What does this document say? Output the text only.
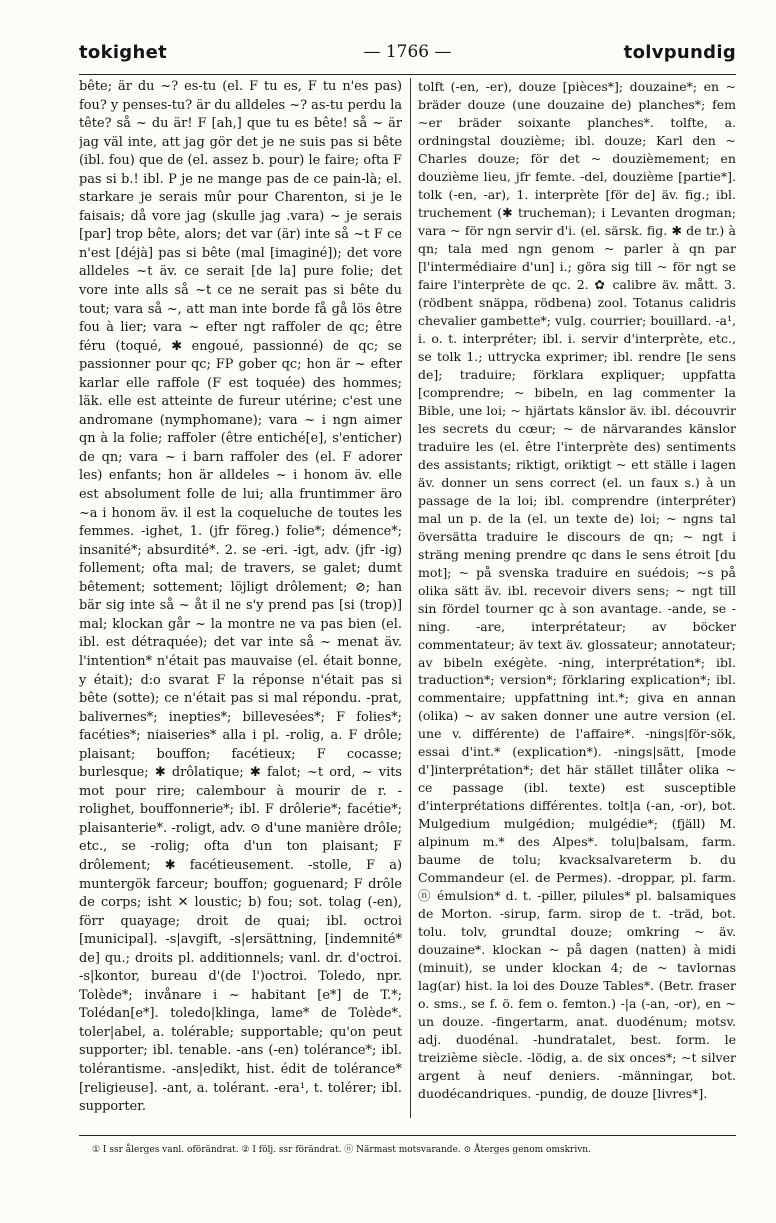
tokighet	— 1766 —	tolvpundig

bête; är du ~? es-tu (el. F tu es, F tu n'es pas) fou? y penses-tu? är du alldeles ~? as-tu perdu la tête? så ~ du är! F [ah,] que tu es bête! så ~ är jag väl inte, att jag gör det je ne suis pas si bête (ibl. fou) que de (el. assez b. pour) le faire; ofta F pas si b.! ibl. P je ne mange pas de ce pain-là; el. starkare je serais mûr pour Charenton, si je le faisais; då vore jag (skulle jag .vara) ~ je serais [par] trop bête, alors; det var (är) inte så ~t F ce n'est [déjà] pas si bête (mal [imaginé]); det vore alldeles ~t äv. ce serait [de la] pure folie; det vore inte alls så ~t ce ne serait pas si bête du tout; vara så ~, att man inte borde få gå lös être fou à lier; vara ~ efter ngt raffoler de qc; être féru (toqué, ✱ engoué, passionné) de qc; se passionner pour qc; FP gober qc; hon är ~ efter karlar elle raffole (F est toquée) des hommes; läk. elle est atteinte de fureur utérine; c'est une andromane (nymphomane); vara ~ i ngn aimer qn à la folie; raffoler (être entiché[e], s'enticher) de qn; vara ~ i barn raffoler des (el. F adorer les) enfants; hon är alldeles ~ i honom äv. elle est absolument folle de lui; alla fruntimmer äro ~a i honom äv. il est la coqueluche de toutes les femmes. -ighet, 1. (jfr föreg.) folie*; démence*; insanité*; absurdité*. 2. se -eri. -igt, adv. (jfr -ig) follement; ofta mal; de travers, se galet; dumt bêtement; sottement; löjligt drôlement; ⊘; han bär sig inte så ~ åt il ne s'y prend pas [si (trop)] mal; klockan går ~ la montre ne va pas bien (el. ibl. est détraquée); det var inte så ~ menat äv. l'intention* n'était pas mauvaise (el. était bonne, y était); d:o svarat F la réponse n'était pas si bête (sotte); ce n'était pas si mal répondu. -prat, balivernes*; inepties*; billevesées*; F folies*; facéties*; niaiseries* alla i pl. -rolig, a. F drôle; plaisant; bouffon; facétieux; F cocasse; burlesque; ✱ drôlatique; ✱ falot; ~t ord, ~ vits mot pour rire; calembour à mourir de r. -rolighet, bouffonnerie*; ibl. F drôlerie*; facétie*; plaisanterie*. -roligt, adv. ⊙ d'une manière drôle; etc., se -rolig; ofta d'un ton plaisant; F drôlement; ✱ facétieusement. -stolle, F a) muntergök farceur; bouffon; goguenard; F drôle de corps; isht ✕ loustic; b) fou; sot. tolag (-en), förr quayage; droit de quai; ibl. octroi [municipal]. -s|avgift, -s|ersättning, [indemnité* de] qu.; droits pl. additionnels; vanl. dr. d'octroi. -s|kontor, bureau d'(de l')octroi. Toledo, npr. Tolède*; invånare i ~ habitant [e*] de T.*; Tolédan[e*]. toledo|klinga, lame* de Tolède*. toler|abel, a. tolérable; supportable; qu'on peut supporter; ibl. tenable. -ans (-en) tolérance*; ibl. tolérantisme. -ans|edikt, hist. édit de tolérance* [religieuse]. -ant, a. tolérant. -era¹, t. tolérer; ibl. supporter.

tolft (-en, -er), douze [pièces*]; douzaine*; en ~ bräder douze (une douzaine de) planches*; fem ~er bräder soixante planches*. tolfte, a. ordningstal douzième; ibl. douze; Karl den ~ Charles douze; för det ~ douzièmement; en douzième lieu, jfr femte. -del, douzième [partie*]. tolk (-en, -ar), 1. interprète [för de] äv. fig.; ibl. truchement (✱ trucheman); i Levanten drogman; vara ~ för ngn servir d'i. (el. särsk. fig. ✱ de tr.) à qn; tala med ngn genom ~ parler à qn par [l'intermédiaire d'un] i.; göra sig till ~ för ngt se faire l'interprète de qc. 2. ✿ calibre äv. mått. 3. (rödbent snäppa, rödbena) zool. Totanus calidris chevalier gambette*; vulg. courrier; bouillard. -a¹, i. o. t. interpréter; ibl. i. servir d'interprète, etc., se tolk 1.; uttrycka exprimer; ibl. rendre [le sens de]; traduire; förklara expliquer; uppfatta [comprendre; ~ bibeln, en lag commenter la Bible, une loi; ~ hjärtats känslor äv. ibl. découvrir les secrets du cœur; ~ de närvarandes känslor traduire les (el. être l'interprète des) sentiments des assistants; riktigt, oriktigt ~ ett ställe i lagen äv. donner un sens correct (el. un faux s.) à un passage de la loi; ibl. comprendre (interpréter) mal un p. de la (el. un texte de) loi; ~ ngns tal översätta traduire le discours de qn; ~ ngt i sträng mening prendre qc dans le sens étroit [du mot]; ~ på svenska traduire en suédois; ~s på olika sätt äv. ibl. recevoir divers sens; ~ ngt till sin fördel tourner qc à son avantage. -ande, se -ning. -are, interprétateur; av böcker commentateur; äv text äv. glossateur; annotateur; av bibeln exégète. -ning, interprétation*; ibl. traduction*; version*; förklaring explication*; ibl. commentaire; uppfattning int.*; giva en annan (olika) ~ av saken donner une autre version (el. une v. différente) de l'affaire*. -nings|för-sök, essai d'int.* (explication*). -nings|sätt, [mode d']interprétation*; det här stället tillåter olika ~ ce passage (ibl. texte) est susceptible d'interprétations différentes. tolt|a (-an, -or), bot. Mulgedium mulgédion; mulgédie*; (fjäll) M. alpinum m.* des Alpes*. tolu|balsam, farm. baume de tolu; kvacksalvareterm b. du Commandeur (el. de Permes). -droppar, pl. farm. ⓝ émulsion* d. t. -piller, pilules* pl. balsamiques de Morton. -sirup, farm. sirop de t. -träd, bot. tolu. tolv, grundtal douze; omkring ~ äv. douzaine*. klockan ~ på dagen (natten) à midi (minuit), se under klockan 4; de ~ tavlornas lag(ar) hist. la loi des Douze Tables*. (Betr. fraser o. sms., se f. ö. fem o. femton.) -|a (-an, -or), en ~ un douze. -fingertarm, anat. duodénum; motsv. adj. duodénal. -hundratalet, best. form. le treizième siècle. -lödig, a. de six onces*; ~t silver argent à neuf deniers. -männingar, bot. duodécandriques. -pundig, de douze [livres*].

① I ssr ålerges vanl. oförändrat. ② I följ. ssr förändrat. ⓝ Närmast motsvarande. ⊙ Återges genom omskrivn.
